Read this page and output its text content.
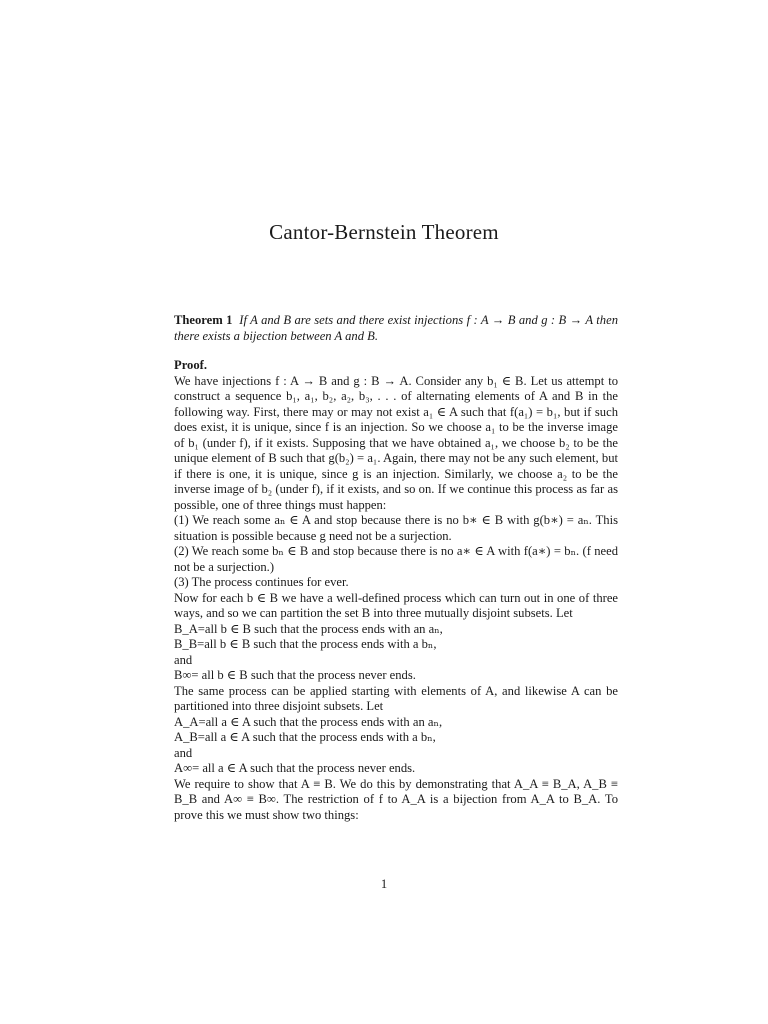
Cantor-Bernstein Theorem

Theorem 1 If A and B are sets and there exist injections f : A → B and g : B → A then there exists a bijection between A and B.

Proof.

We have injections f : A → B and g : B → A. Consider any b₁ ∈ B. Let us attempt to construct a sequence b₁, a₁, b₂, a₂, b₃, . . . of alternating elements of A and B in the following way. First, there may or may not exist a₁ ∈ A such that f(a₁) = b₁, but if such does exist, it is unique, since f is an injection. So we choose a₁ to be the inverse image of b₁ (under f), if it exists. Supposing that we have obtained a₁, we choose b₂ to be the unique element of B such that g(b₂) = a₁. Again, there may not be any such element, but if there is one, it is unique, since g is an injection. Similarly, we choose a₂ to be the inverse image of b₂ (under f), if it exists, and so on. If we continue this process as far as possible, one of three things must happen:

(1) We reach some aₙ ∈ A and stop because there is no b∗ ∈ B with g(b∗) = aₙ. This situation is possible because g need not be a surjection.

(2) We reach some bₙ ∈ B and stop because there is no a∗ ∈ A with f(a∗) = bₙ. (f need not be a surjection.)

(3) The process continues for ever.

Now for each b ∈ B we have a well-defined process which can turn out in one of three ways, and so we can partition the set B into three mutually disjoint subsets. Let

B_A=all b ∈ B such that the process ends with an aₙ,

B_B=all b ∈ B such that the process ends with a bₙ,

and

B∞= all b ∈ B such that the process never ends.

The same process can be applied starting with elements of A, and likewise A can be partitioned into three disjoint subsets. Let

A_A=all a ∈ A such that the process ends with an aₙ,

A_B=all a ∈ A such that the process ends with a bₙ,

and

A∞= all a ∈ A such that the process never ends.

We require to show that A ≡ B. We do this by demonstrating that A_A ≡ B_A, A_B ≡ B_B and A∞ ≡ B∞. The restriction of f to A_A is a bijection from A_A to B_A. To prove this we must show two things:

1
